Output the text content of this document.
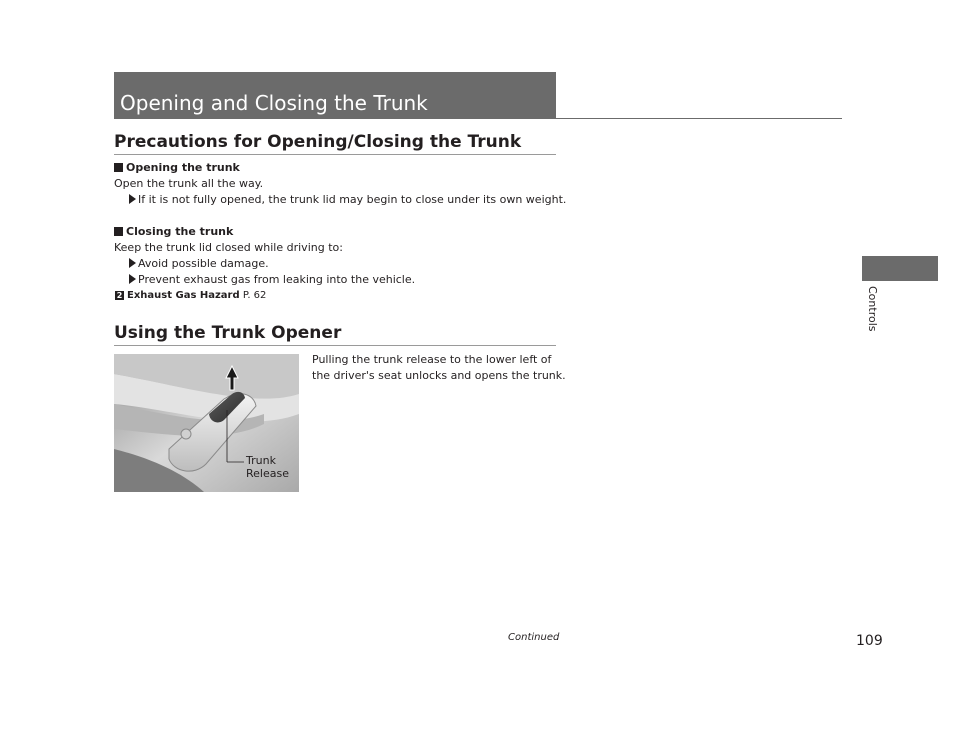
Opening and Closing the Trunk
Controls
Precautions for Opening/Closing the Trunk
Opening the trunk
Open the trunk all the way.
If it is not fully opened, the trunk lid may begin to close under its own weight.
Closing the trunk
Keep the trunk lid closed while driving to:
Avoid possible damage.
Prevent exhaust gas from leaking into the vehicle.
2 Exhaust Gas Hazard P. 62
Using the Trunk Opener
Pulling the trunk release to the lower left of
the driver's seat unlocks and opens the trunk.
Trunk
Release
Continued	109
